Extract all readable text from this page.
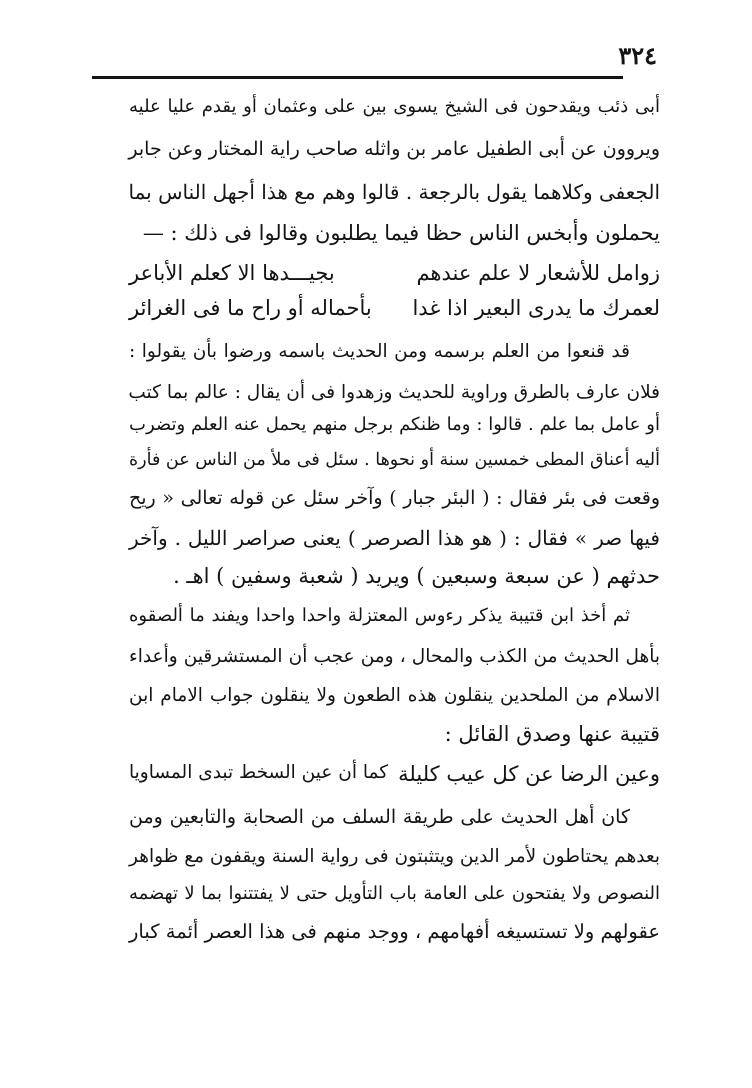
٣٢٤
أبى ذئب ويقدحون فى الشيخ يسوى بين على وعثمان أو يقدم عليا عليه
ويروون عن أبى الطفيل عامر بن واثله صاحب راية المختار وعن جابر
الجعفى وكلاهما يقول بالرجعة . قالوا وهم مع هذا أجهل الناس بما
يحملون وأبخس الناس حظا فيما يطلبون وقالوا فى ذلك : —
زوامل للأشعار لا علم عندهم
بجيـــدها الا كعلم الأباعر
لعمرك ما يدرى البعير اذا غدا
بأحماله أو راح ما فى الغرائر
قد قنعوا من العلم برسمه ومن الحديث باسمه ورضوا بأن يقولوا :
فلان عارف بالطرق وراوية للحديث وزهدوا فى أن يقال : عالم بما كتب
أو عامل بما علم . قالوا : وما ظنكم برجل منهم يحمل عنه العلم وتضرب
أليه أعناق المطى خمسين سنة أو نحوها . سئل فى ملأ من الناس عن فأرة
وقعت فى بئر فقال : ( البئر جبار ) وآخر سئل عن قوله تعالى « ريح
فيها صر » فقال : ( هو هذا الصرصر ) يعنى صراصر الليل . وآخر
حدثهم ( عن سبعة وسبعين ) ويريد ( شعبة وسفين ) اهـ .
ثم أخذ ابن قتيبة يذكر رءوس المعتزلة واحدا واحدا ويفند ما ألصقوه
بأهل الحديث من الكذب والمحال ، ومن عجب أن المستشرقين وأعداء
الاسلام من الملحدين ينقلون هذه الطعون ولا ينقلون جواب الامام ابن
قتيبة عنها وصدق القائل :
وعين الرضا عن كل عيب كليلة
كما أن عين السخط تبدى المساويا
كان أهل الحديث على طريقة السلف من الصحابة والتابعين ومن
بعدهم يحتاطون لأمر الدين ويتثبتون فى رواية السنة ويقفون مع ظواهر
النصوص ولا يفتحون على العامة باب التأويل حتى لا يفتتنوا بما لا تهضمه
عقولهم ولا تستسيغه أفهامهم ، ووجد منهم فى هذا العصر أئمة كبار
